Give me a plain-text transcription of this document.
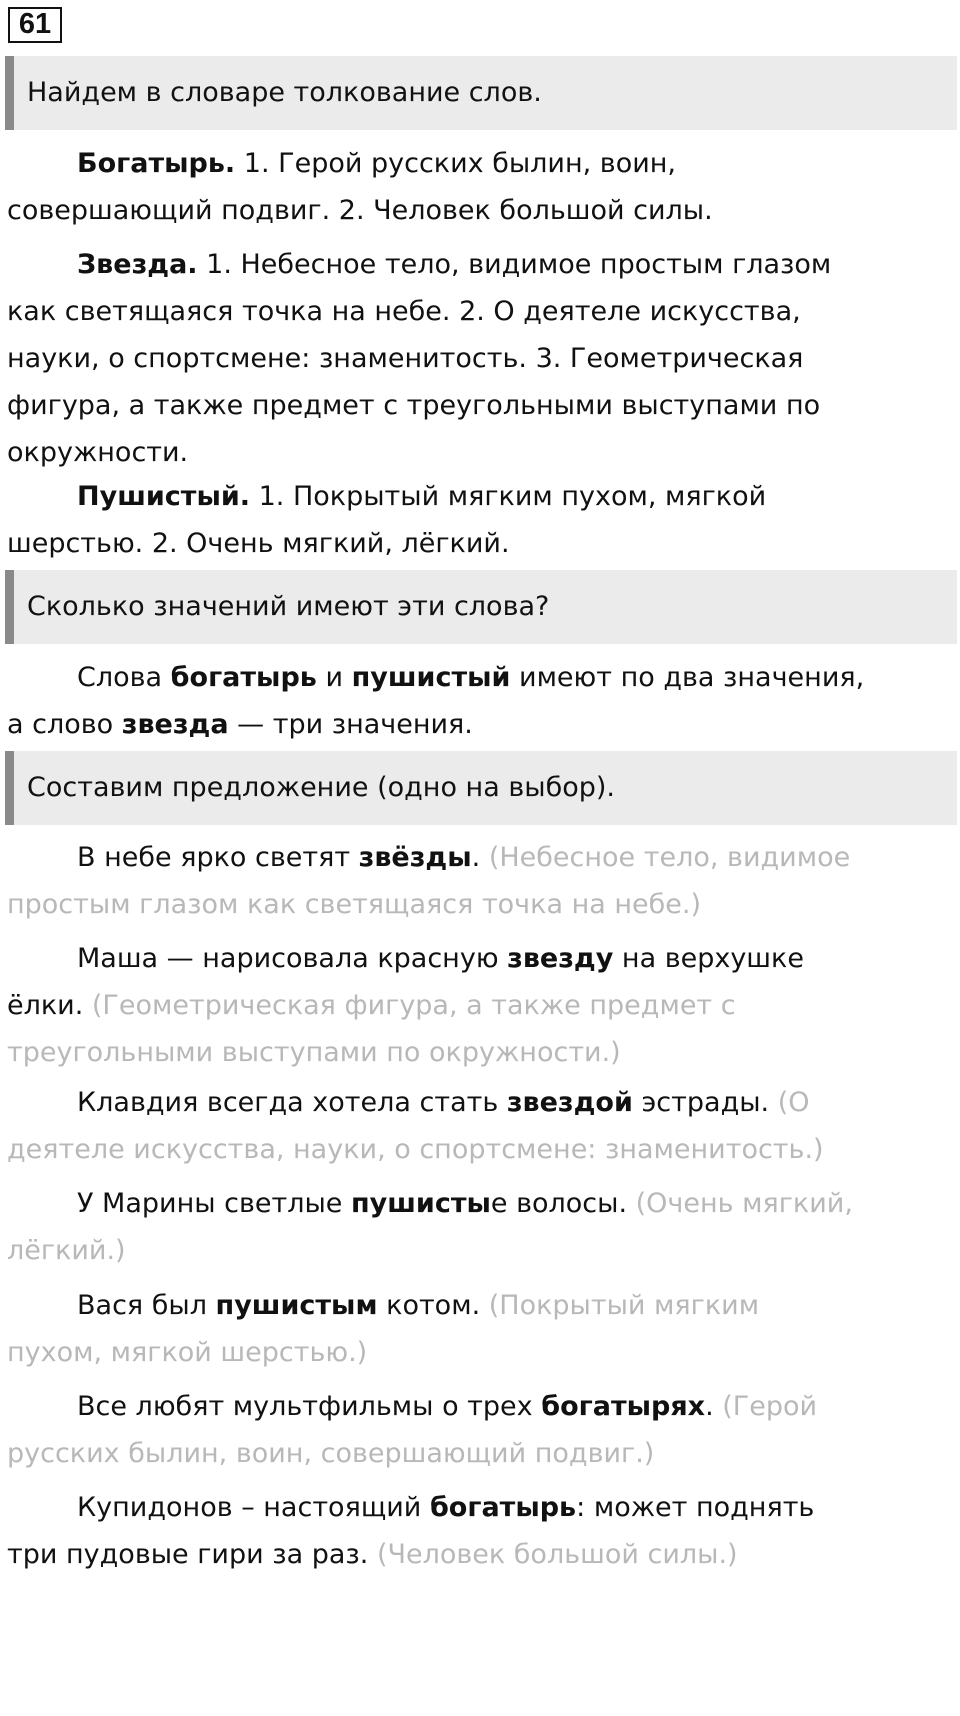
61
Найдем в словаре толкование слов.

Богатырь. 1. Герой русских былин, воин,
совершающий подвиг. 2. Человек большой силы.

Звезда. 1. Небесное тело, видимое простым глазом
как светящаяся точка на небе. 2. О деятеле искусства,
науки, о спортсмене: знаменитость. 3. Геометрическая
фигура, а также предмет с треугольными выступами по
окружности.

Пушистый. 1. Покрытый мягким пухом, мягкой
шерстью. 2. Очень мягкий, лёгкий.

Сколько значений имеют эти слова?

Слова богатырь и пушистый имеют по два значения,
а слово звезда — три значения.

Составим предложение (одно на выбор).

В небе ярко светят звёзды. (Небесное тело, видимое
простым глазом как светящаяся точка на небе.)

Маша — нарисовала красную звезду на верхушке
ёлки. (Геометрическая фигура, а также предмет с
треугольными выступами по окружности.)

Клавдия всегда хотела стать звездой эстрады. (О
деятеле искусства, науки, о спортсмене: знаменитость.)

У Марины светлые пушистые волосы. (Очень мягкий,
лёгкий.)

Вася был пушистым котом. (Покрытый мягким
пухом, мягкой шерстью.)

Все любят мультфильмы о трех богатырях. (Герой
русских былин, воин, совершающий подвиг.)

Купидонов – настоящий богатырь: может поднять
три пудовые гири за раз. (Человек большой силы.)
